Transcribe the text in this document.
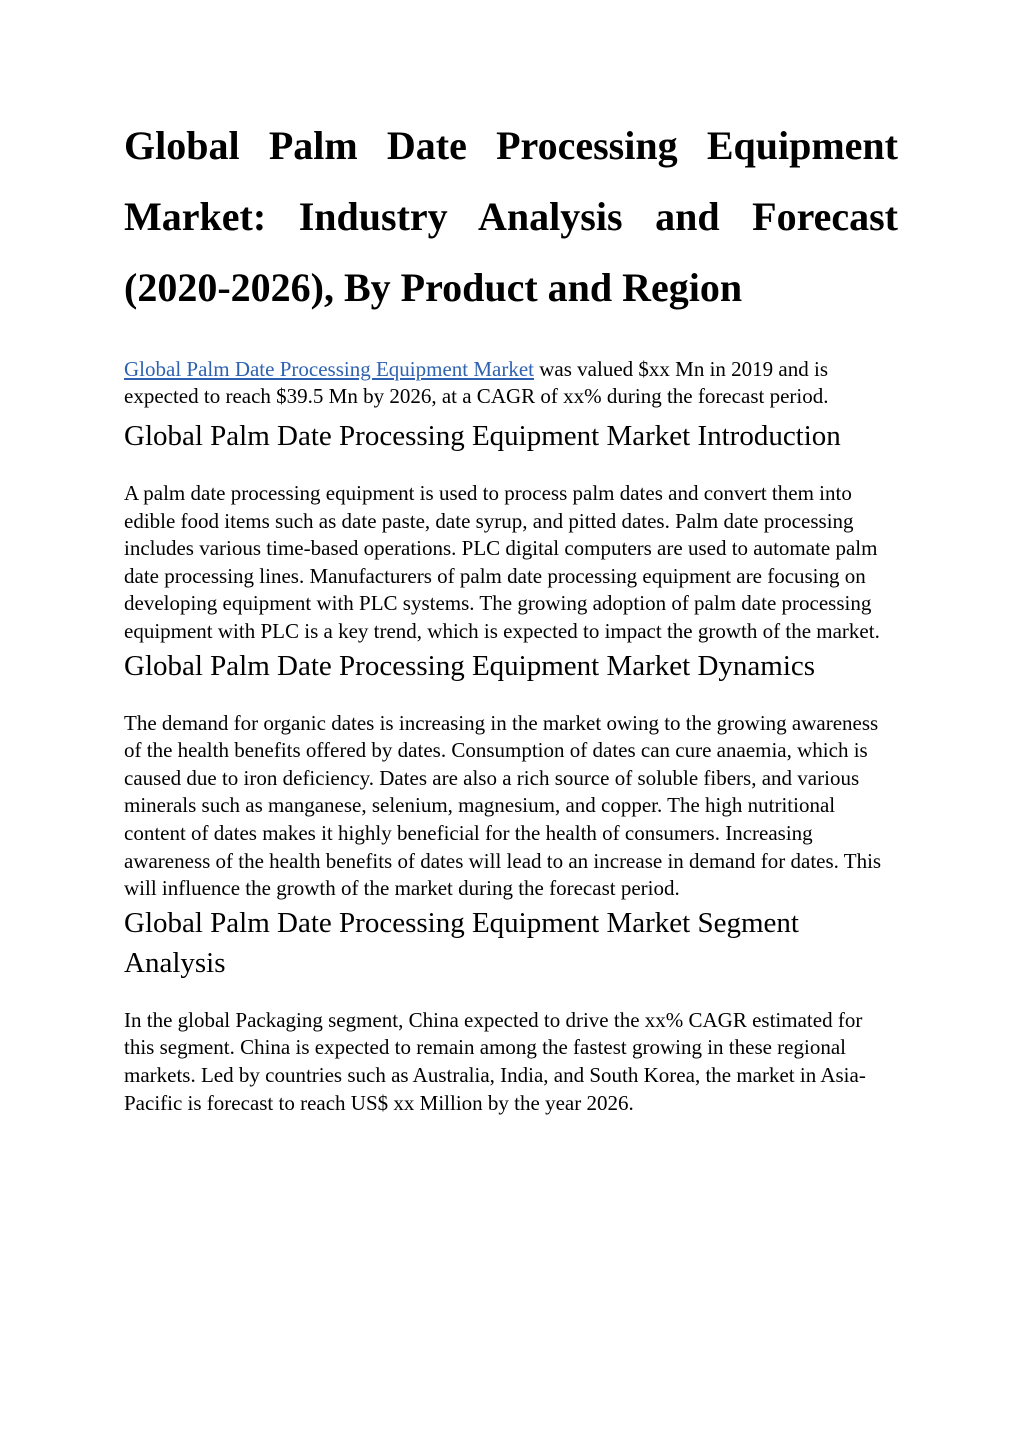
Global Palm Date Processing Equipment Market: Industry Analysis and Forecast (2020-2026), By Product and Region

Global Palm Date Processing Equipment Market was valued $xx Mn in 2019 and is expected to reach $39.5 Mn by 2026, at a CAGR of xx% during the forecast period.

Global Palm Date Processing Equipment Market Introduction

A palm date processing equipment is used to process palm dates and convert them into edible food items such as date paste, date syrup, and pitted dates. Palm date processing includes various time-based operations. PLC digital computers are used to automate palm date processing lines. Manufacturers of palm date processing equipment are focusing on developing equipment with PLC systems. The growing adoption of palm date processing equipment with PLC is a key trend, which is expected to impact the growth of the market.

Global Palm Date Processing Equipment Market Dynamics

The demand for organic dates is increasing in the market owing to the growing awareness of the health benefits offered by dates. Consumption of dates can cure anaemia, which is caused due to iron deficiency. Dates are also a rich source of soluble fibers, and various minerals such as manganese, selenium, magnesium, and copper. The high nutritional content of dates makes it highly beneficial for the health of consumers. Increasing awareness of the health benefits of dates will lead to an increase in demand for dates. This will influence the growth of the market during the forecast period.

Global Palm Date Processing Equipment Market Segment Analysis

In the global Packaging segment, China expected to drive the xx% CAGR estimated for this segment. China is expected to remain among the fastest growing in these regional markets. Led by countries such as Australia, India, and South Korea, the market in Asia-Pacific is forecast to reach US$ xx Million by the year 2026.
